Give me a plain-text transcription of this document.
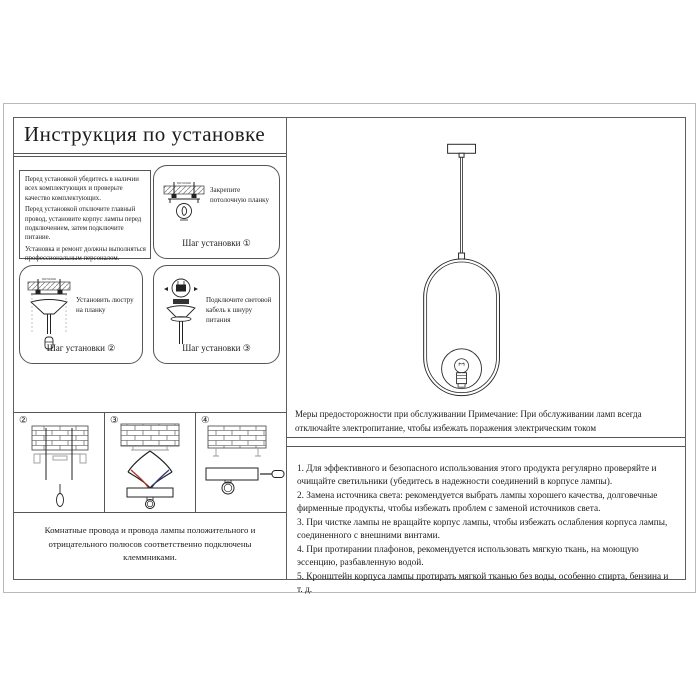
Инструкция по установке

Перед установкой убедитесь в наличии всех комплектующих и проверьте качество комплектующих.

Перед установкой отключите главный провод, установите корпус лампы перед подключением, затем подключите питание.

Установка и ремонт должны выполняться профессиональным персоналом.

ПОТОЛОК
Закрепите потолочную планку
Шаг установки ①
ПОТОЛОК
Установить люстру на планку
Шаг установки ②
Подключите световой кабель к шнуру питания
Шаг установки ③
②	③	④
Комнатные провода и провода лампы положительного и отрицательного полюсов соответственно подключены клеммниками.
Меры предосторожности при обслуживании Примечание: При обслуживании ламп всегда отключайте электропитание, чтобы избежать поражения электрическим током

1. Для эффективного и безопасного использования этого продукта регулярно проверяйте и очищайте светильники (убедитесь в надежности соединений в корпусе лампы).

2. Замена источника света: рекомендуется выбрать лампы хорошего качества, долговечные фирменные продукты, чтобы избежать проблем с заменой источников света.

3. При чистке лампы не вращайте корпус лампы, чтобы избежать ослабления корпуса лампы, соединенного с внешними винтами.

4. При протирании плафонов, рекомендуется использовать мягкую ткань, на моющую эссенцию, разбавленную водой.

5. Кронштейн корпуса лампы протирать мягкой тканью без воды, особенно спирта, бензина и т. д.
